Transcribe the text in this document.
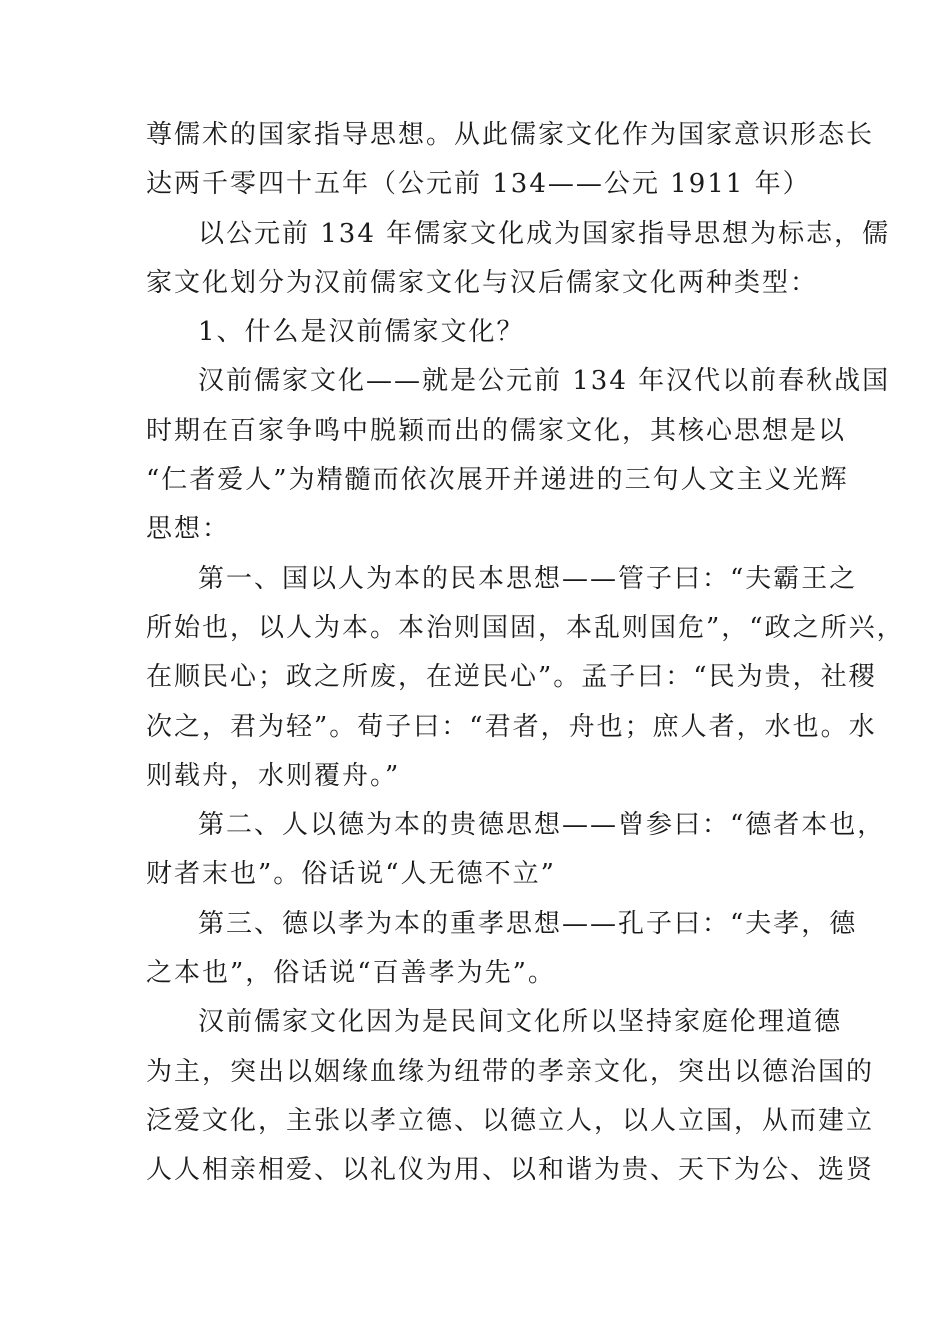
尊儒术的国家指导思想。从此儒家文化作为国家意识形态长
达两千零四十五年（公元前 134——公元 1911 年）
以公元前 134 年儒家文化成为国家指导思想为标志，儒
家文化划分为汉前儒家文化与汉后儒家文化两种类型：
1、什么是汉前儒家文化？
汉前儒家文化——就是公元前 134 年汉代以前春秋战国
时期在百家争鸣中脱颖而出的儒家文化，其核心思想是以
“仁者爱人”为精髓而依次展开并递进的三句人文主义光辉
思想：
第一、国以人为本的民本思想——管子曰：“夫霸王之
所始也，以人为本。本治则国固，本乱则国危”，“政之所兴，
在顺民心；政之所废，在逆民心”。孟子曰：“民为贵，社稷
次之，君为轻”。荀子曰：“君者，舟也；庶人者，水也。水
则载舟，水则覆舟。”
第二、人以德为本的贵德思想——曾参曰：“德者本也，
财者末也”。俗话说“人无德不立”
第三、德以孝为本的重孝思想——孔子曰：“夫孝，德
之本也”，俗话说“百善孝为先”。
汉前儒家文化因为是民间文化所以坚持家庭伦理道德
为主，突出以姻缘血缘为纽带的孝亲文化，突出以德治国的
泛爱文化，主张以孝立德、以德立人，以人立国，从而建立
人人相亲相爱、以礼仪为用、以和谐为贵、天下为公、选贤
